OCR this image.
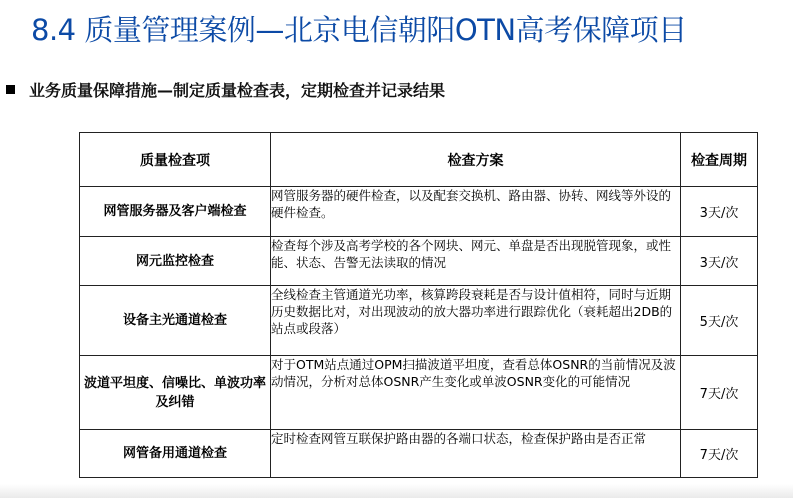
8.4 质量管理案例—北京电信朝阳OTN高考保障项目
业务质量保障措施—制定质量检查表，定期检查并记录结果
质量检查项	检查方案	检查周期
网管服务器及客户端检查	网管服务器的硬件检查，以及配套交换机、路由器、协转、网线等外设的硬件检查。	3天/次
网元监控检查	检查每个涉及高考学校的各个网块、网元、单盘是否出现脱管现象，或性能、状态、告警无法读取的情况	3天/次
设备主光通道检查	全线检查主管通道光功率，核算跨段衰耗是否与设计值相符，同时与近期历史数据比对，对出现波动的放大器功率进行跟踪优化（衰耗超出2DB的站点或段落）	5天/次
波道平坦度、信噪比、单波功率及纠错	对于OTM站点通过OPM扫描波道平坦度，查看总体OSNR的当前情况及波动情况，分析对总体OSNR产生变化或单波OSNR变化的可能情况	7天/次
网管备用通道检查	定时检查网管互联保护路由器的各端口状态，检查保护路由是否正常	7天/次
